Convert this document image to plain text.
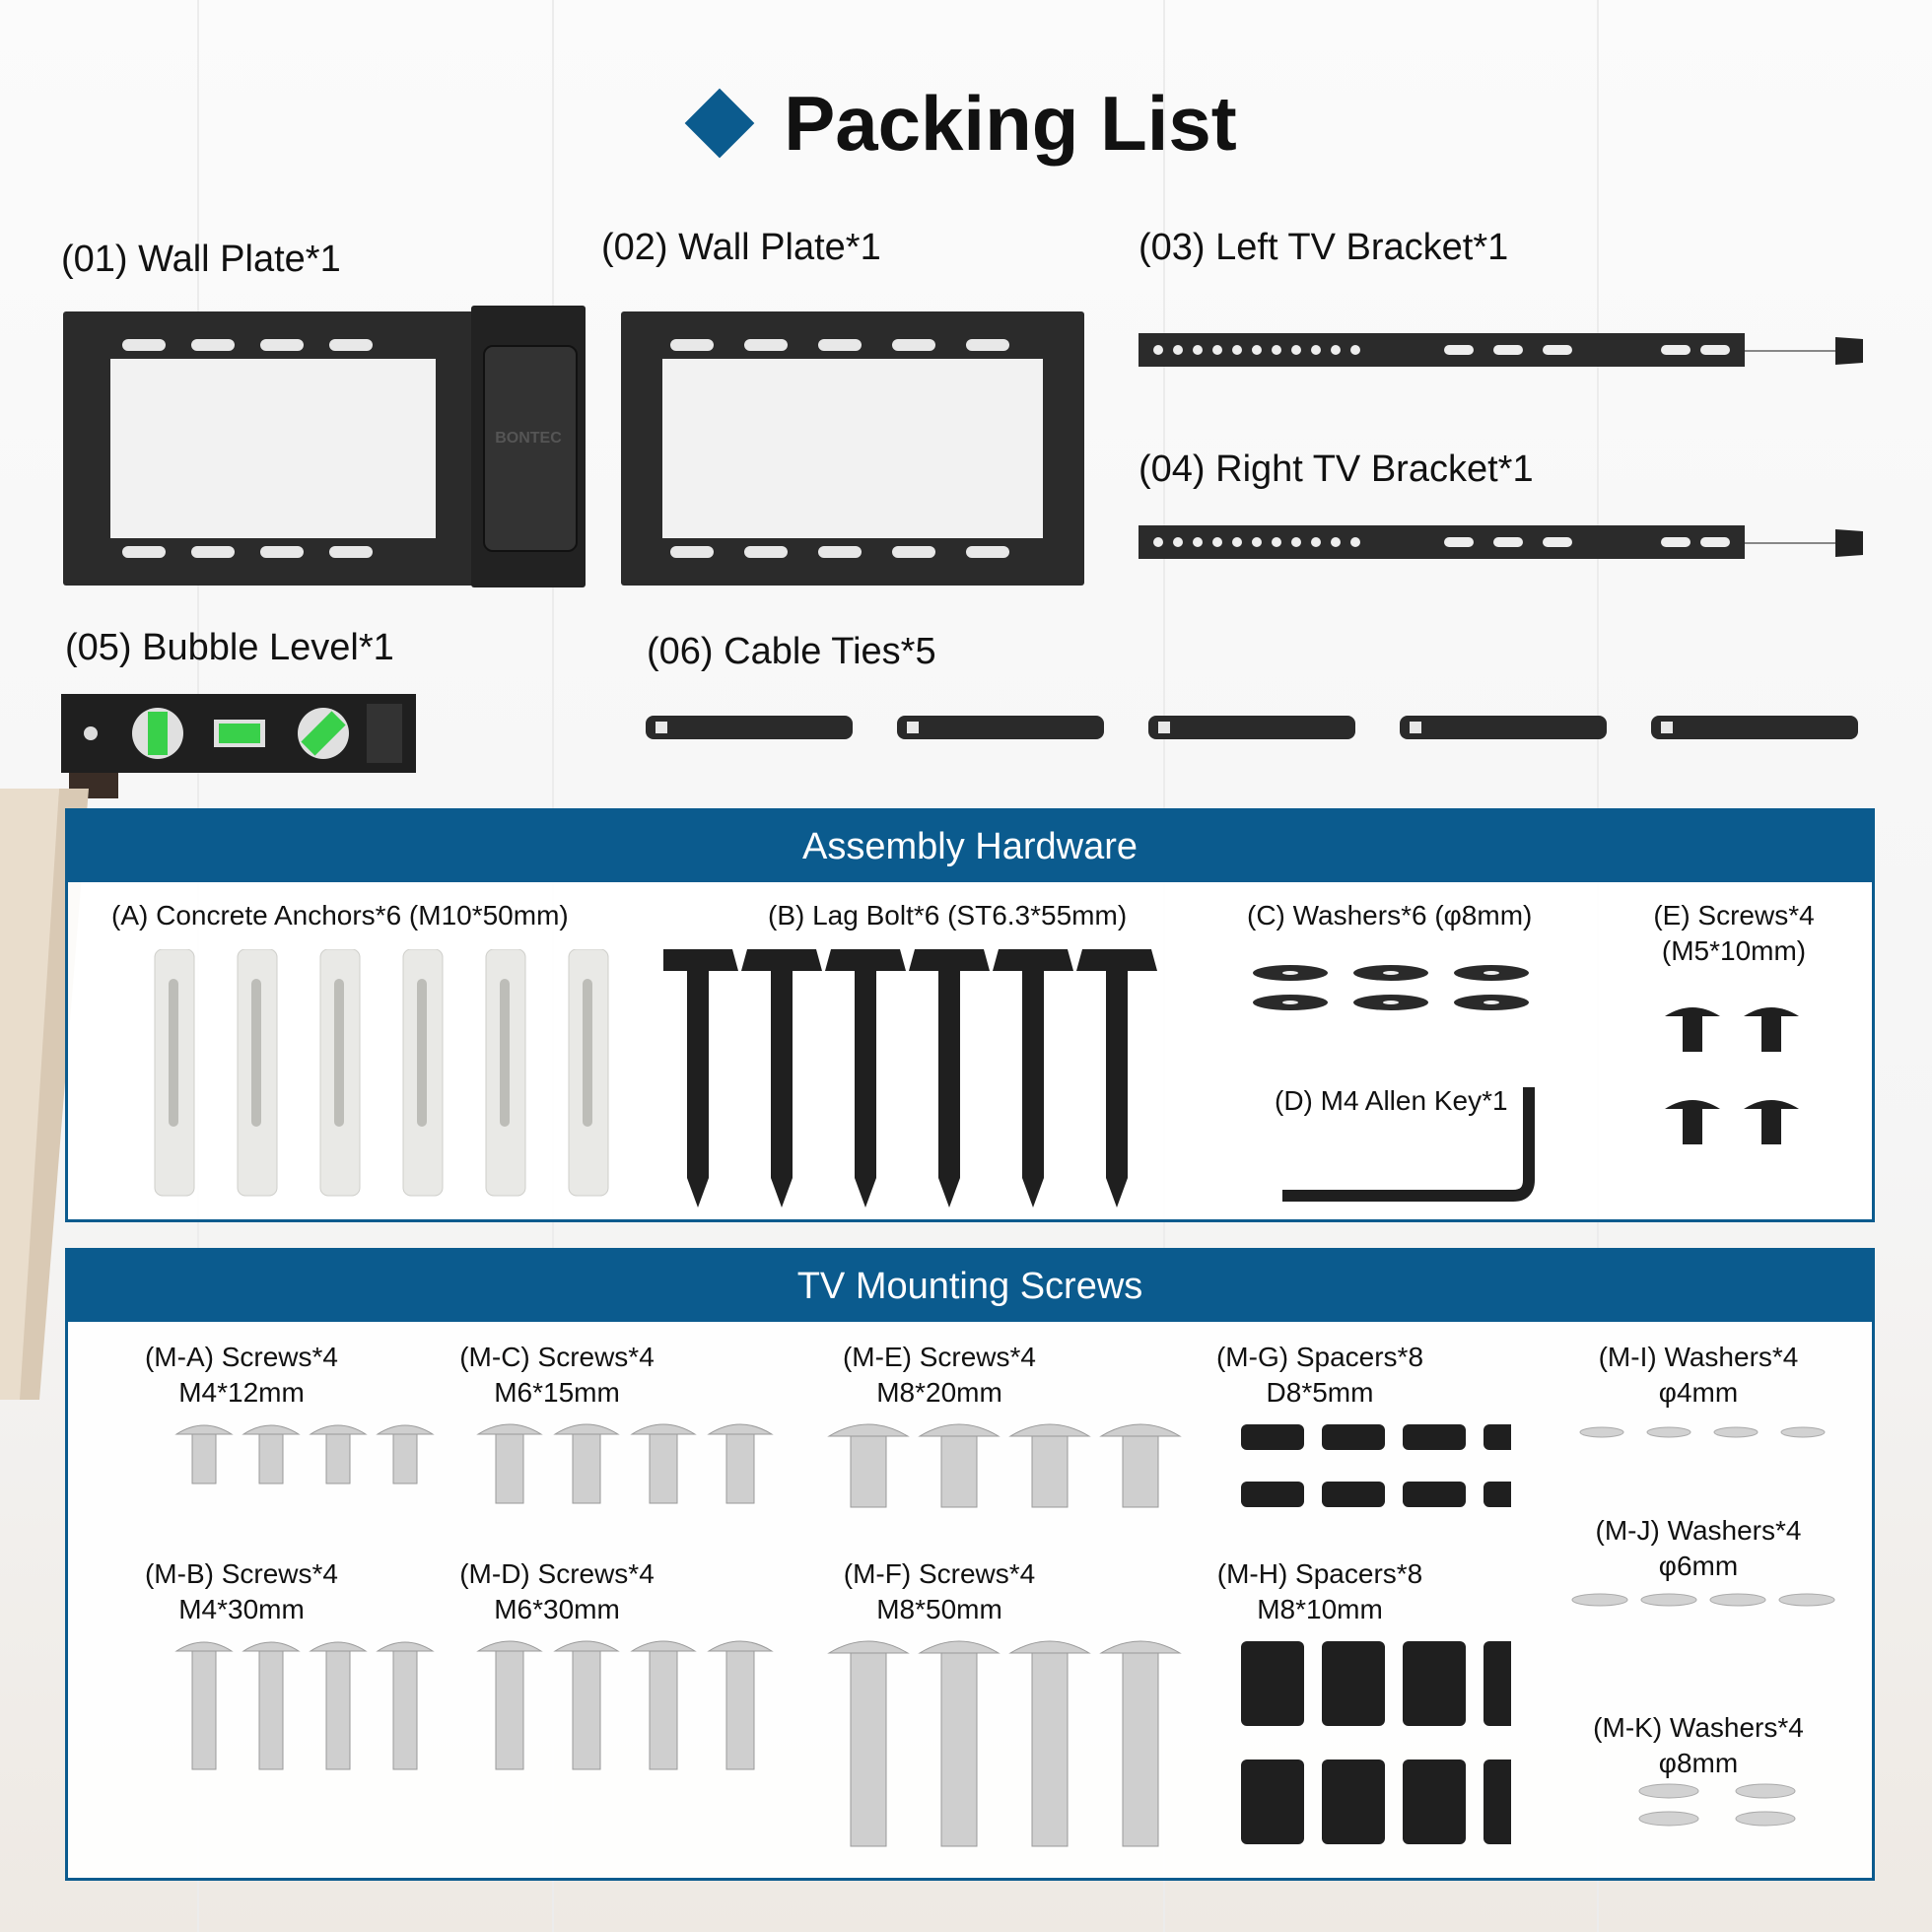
Packing List
(01) Wall Plate*1	(02) Wall Plate*1	(03) Left TV Bracket*1
(04) Right TV Bracket*1
(05) Bubble Level*1	(06) Cable Ties*5
BONTEC
Assembly Hardware
(A) Concrete Anchors*6 (M10*50mm)	(B) Lag Bolt*6 (ST6.3*55mm)	(C) Washers*6 (φ8mm)	(E) Screws*4
(M5*10mm)
(D) M4 Allen Key*1
TV Mounting Screws
(M-A) Screws*4
M4*12mm
(M-C) Screws*4
M6*15mm
(M-E) Screws*4
M8*20mm
(M-G) Spacers*8
D8*5mm
(M-I) Washers*4
φ4mm
(M-B) Screws*4
M4*30mm
(M-D) Screws*4
M6*30mm
(M-F) Screws*4
M8*50mm
(M-H) Spacers*8
M8*10mm
(M-J) Washers*4
φ6mm
(M-K) Washers*4
φ8mm
